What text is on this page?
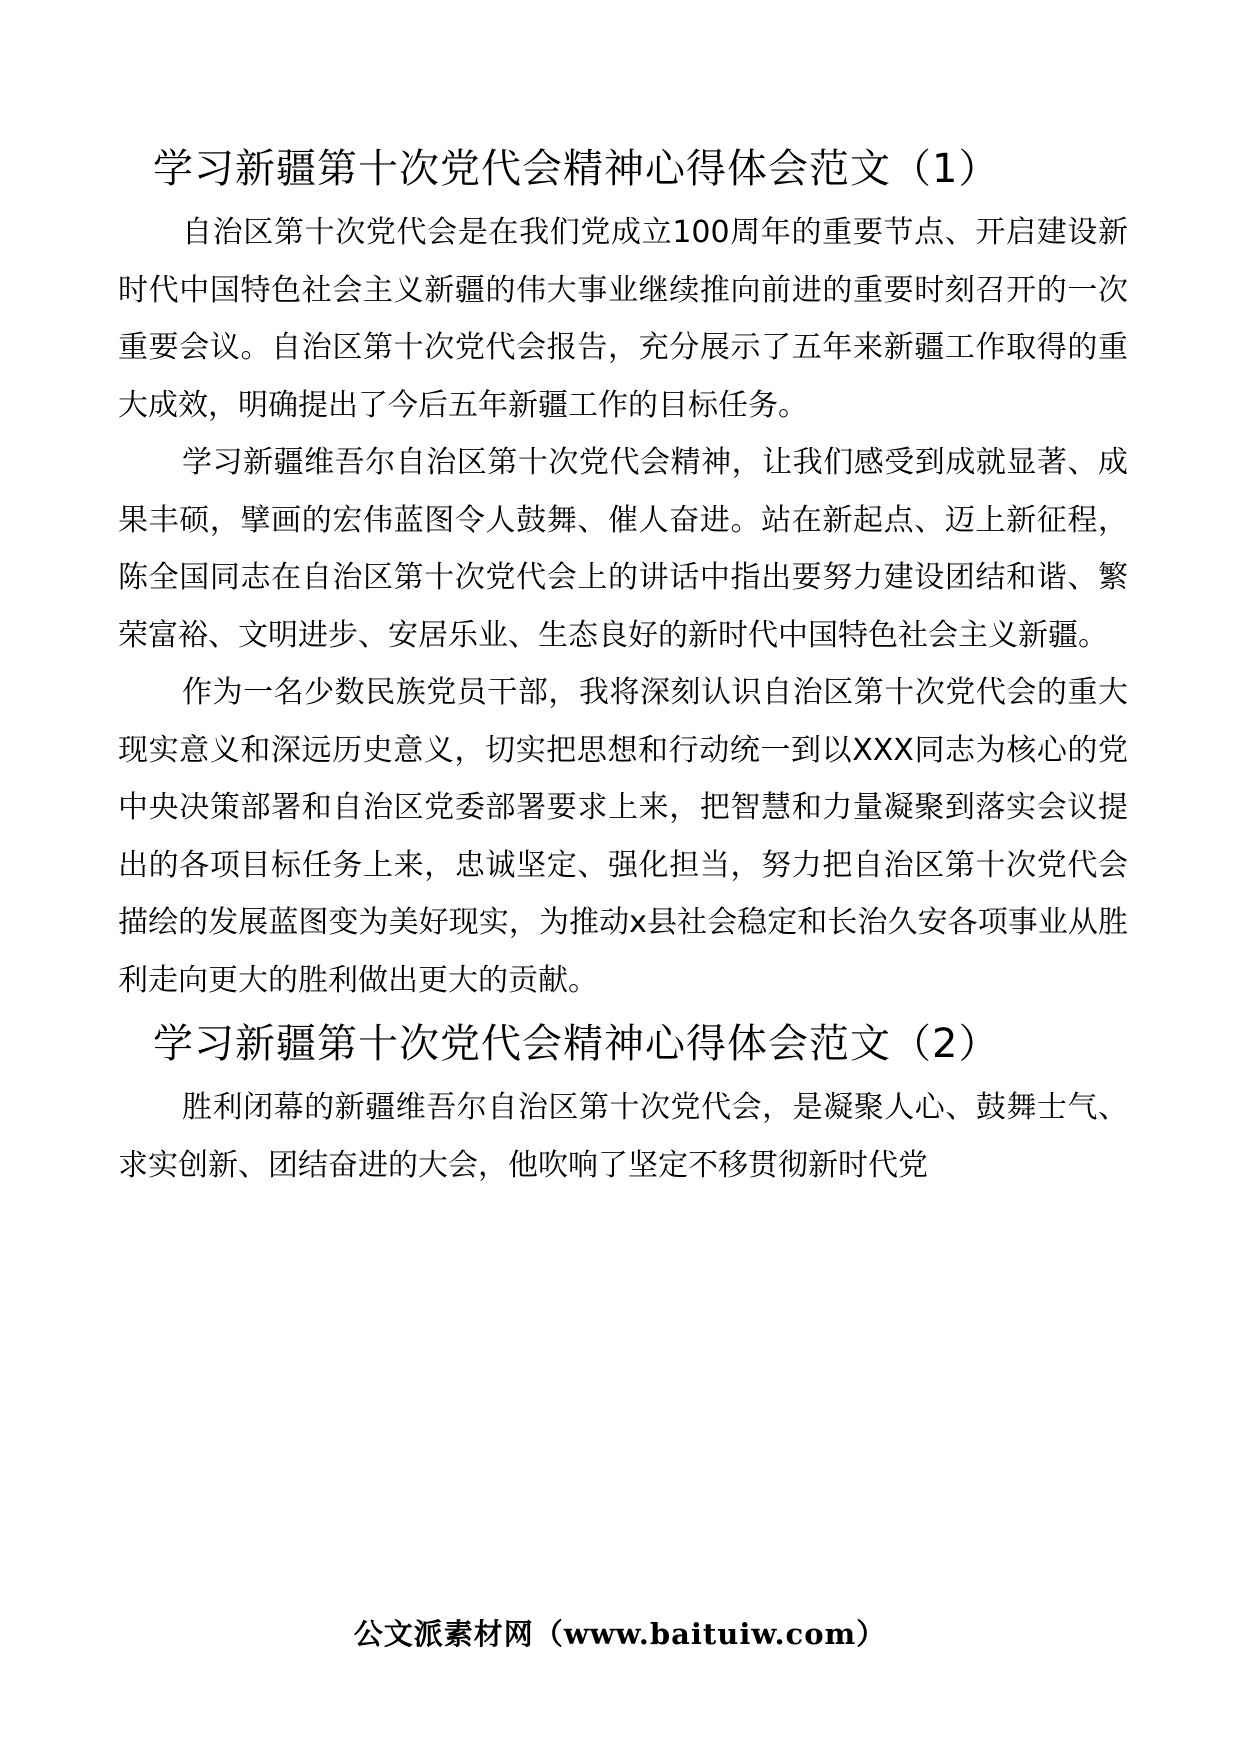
学习新疆第十次党代会精神心得体会范文（1）

自治区第十次党代会是在我们党成立100周年的重要节点、开启建设新时代中国特色社会主义新疆的伟大事业继续推向前进的重要时刻召开的一次重要会议。自治区第十次党代会报告，充分展示了五年来新疆工作取得的重大成效，明确提出了今后五年新疆工作的目标任务。

学习新疆维吾尔自治区第十次党代会精神，让我们感受到成就显著、成果丰硕，擘画的宏伟蓝图令人鼓舞、催人奋进。站在新起点、迈上新征程，陈全国同志在自治区第十次党代会上的讲话中指出要努力建设团结和谐、繁荣富裕、文明进步、安居乐业、生态良好的新时代中国特色社会主义新疆。

作为一名少数民族党员干部，我将深刻认识自治区第十次党代会的重大现实意义和深远历史意义，切实把思想和行动统一到以XXX同志为核心的党中央决策部署和自治区党委部署要求上来，把智慧和力量凝聚到落实会议提出的各项目标任务上来，忠诚坚定、强化担当，努力把自治区第十次党代会描绘的发展蓝图变为美好现实，为推动x县社会稳定和长治久安各项事业从胜利走向更大的胜利做出更大的贡献。

学习新疆第十次党代会精神心得体会范文（2）

胜利闭幕的新疆维吾尔自治区第十次党代会，是凝聚人心、鼓舞士气、求实创新、团结奋进的大会，他吹响了坚定不移贯彻新时代党

公文派素材网（www.baituiw.com）
